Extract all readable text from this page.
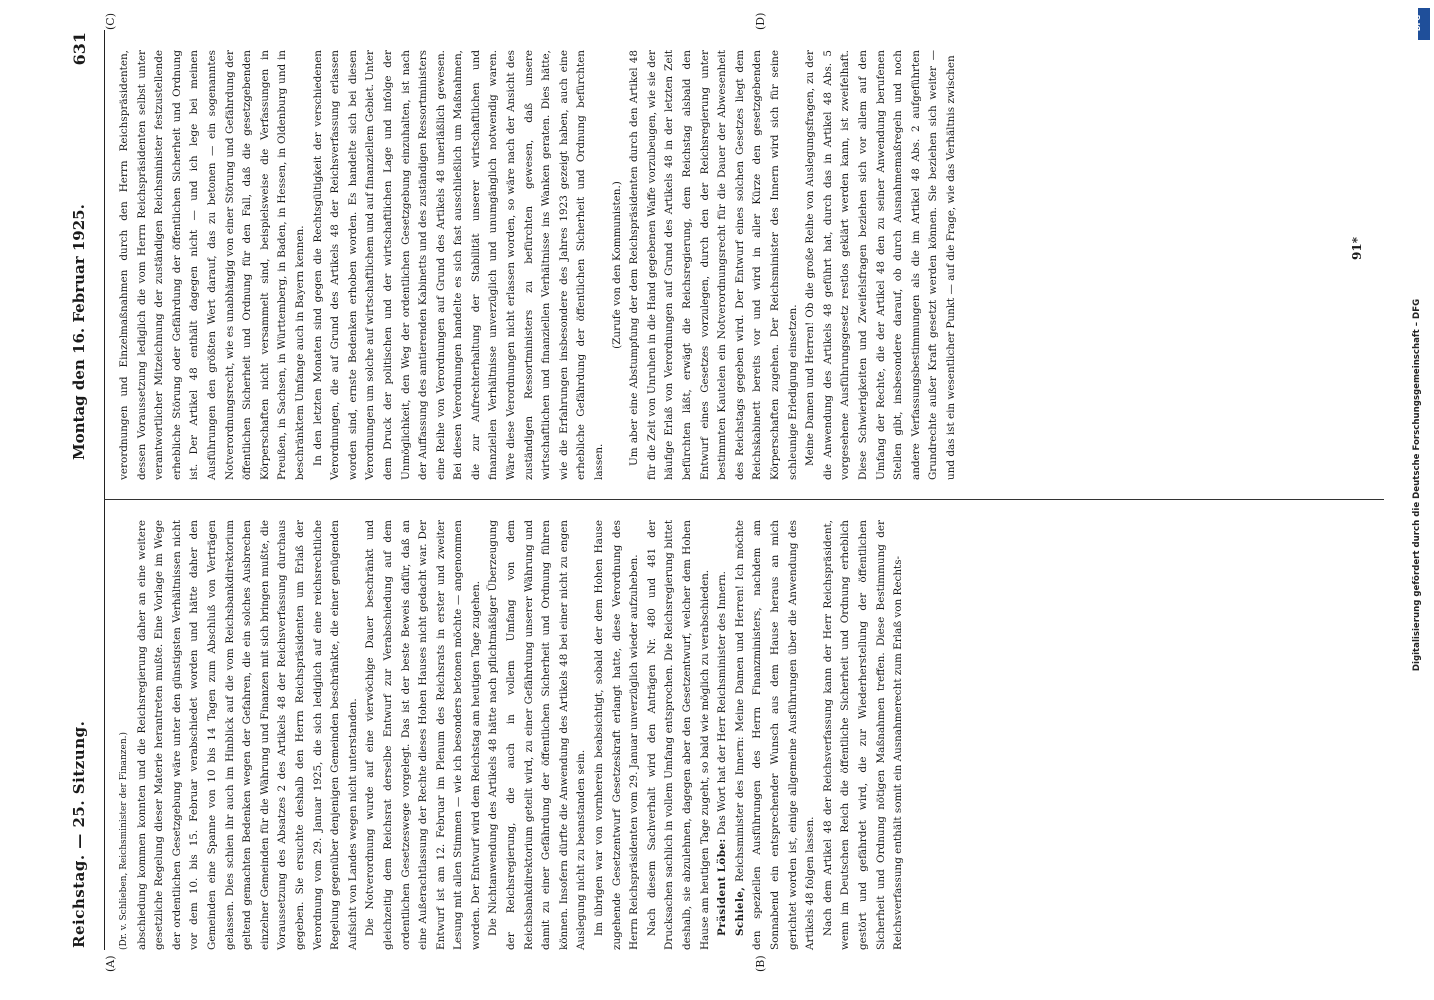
Reichstag. — 25. Sitzung.
Montag den 16. Februar 1925.
631

(Dr. v. Schlieben, Reichsminister der Finanzen.) abschiedung kommen konnten und die Reichsregierung daher an eine weitere gesetzliche Regelung dieser Materie herantreten mußte. Eine Vorlage im Wege der ordentlichen Gesetzgebung wäre unter den günstigsten Verhältnissen nicht vor dem 10. bis 15. Februar verabschiedet worden und hätte daher den Gemeinden eine Spanne von 10 bis 14 Tagen zum Abschluß von Verträgen gelassen. Dies schien ihr auch im Hinblick auf die vom Reichsbankdirektorium geltend gemachten Bedenken wegen der Gefahren, die ein solches Ausbrechen einzelner Gemeinden für die Währung und Finanzen mit sich bringen mußte, die Voraussetzung des Absatzes 2 des Artikels 48 der Reichsverfassung durchaus gegeben. Sie ersuchte deshalb den Herrn Reichspräsidenten um Erlaß der Verordnung vom 29. Januar 1925, die sich lediglich auf eine reichsrechtliche Regelung gegenüber denjenigen Gemeinden beschränkte, die einer genügenden Aufsicht von Landes wegen nicht unterstanden. Die Notverordnung wurde auf eine vierwöchige Dauer beschränkt und gleichzeitig dem Reichsrat derselbe Entwurf zur Verabschiedung auf dem ordentlichen Gesetzeswege vorgelegt. Das ist der beste Beweis dafür, daß an eine Außerachtlassung der Rechte dieses Hohen Hauses nicht gedacht war. Der Entwurf ist am 12. Februar im Plenum des Reichsrats in erster und zweiter Lesung mit allen Stimmen — wie ich besonders betonen möchte — angenommen worden. Der Entwurf wird dem Reichstag am heutigen Tage zugehen. Die Nichtanwendung des Artikels 48 hätte nach pflichtmäßiger Überzeugung der Reichsregierung, die auch in vollem Umfang von dem Reichsbankdirektorium geteilt wird, zu einer Gefährdung unserer Währung und damit zu einer Gefährdung der öffentlichen Sicherheit und Ordnung führen können. Insofern dürfte die Anwendung des Artikels 48 bei einer nicht zu engen Auslegung nicht zu beanstanden sein. Im übrigen war von vornherein beabsichtigt, sobald der dem Hohen Hause zugehende Gesetzentwurf Gesetzeskraft erlangt hatte, diese Verordnung des Herrn Reichspräsidenten vom 29. Januar unverzüglich wieder aufzuheben. Nach diesem Sachverhalt wird den Anträgen Nr. 480 und 481 der Drucksachen sachlich in vollem Umfang entsprochen. Die Reichsregierung bittet deshalb, sie abzulehnen, dagegen aber den Gesetzentwurf, welcher dem Hohen Hause am heutigen Tage zugeht, so bald wie möglich zu verabschieden. Präsident Löbe: Das Wort hat der Herr Reichsminister des Innern.

Schiele, Reichsminister des Innern: Meine Damen und Herren! Ich möchte den speziellen Ausführungen des Herrn Finanzministers, nachdem am Sonnabend ein entsprechender Wunsch aus dem Hause heraus an mich gerichtet worden ist, einige allgemeine Ausführungen über die Anwendung des Artikels 48 folgen lassen. Nach dem Artikel 48 der Reichsverfassung kann der Herr Reichspräsident, wenn im Deutschen Reich die öffentliche Sicherheit und Ordnung erheblich gestört und gefährdet wird, die zur Wiederherstellung der öffentlichen Sicherheit und Ordnung nötigen Maßnahmen treffen. Diese Bestimmung der Reichsverfassung enthält somit ein Ausnahmerecht zum Erlaß von Rechts-

verordnungen und Einzelmaßnahmen durch den Herrn Reichspräsidenten, dessen Voraussetzung lediglich die vom Herrn Reichspräsidenten selbst unter verantwortlicher Mitzeichnung der zuständigen Reichsminister festzustellende erhebliche Störung oder Gefährdung der öffentlichen Sicherheit und Ordnung ist. Der Artikel 48 enthält dagegen nicht — und ich lege bei meinen Ausführungen den größten Wert darauf, das zu betonen — ein sogenanntes Notverordnungsrecht, wie es unabhängig von einer Störung und Gefährdung der öffentlichen Sicherheit und Ordnung für den Fall, daß die gesetzgebenden Körperschaften nicht versammelt sind, beispielsweise die Verfassungen in Preußen, in Sachsen, in Württemberg, in Baden, in Hessen, in Oldenburg und in beschränktem Umfange auch in Bayern kennen. In den letzten Monaten sind gegen die Rechtsgültigkeit der verschiedenen Verordnungen, die auf Grund des Artikels 48 der Reichsverfassung erlassen worden sind, ernste Bedenken erhoben worden. Es handelte sich bei diesen Verordnungen um solche auf wirtschaftlichem und auf finanziellem Gebiet. Unter dem Druck der politischen und der wirtschaftlichen Lage und infolge der Unmöglichkeit, den Weg der ordentlichen Gesetzgebung einzuhalten, ist nach der Auffassung des amtierenden Kabinetts und des zuständigen Ressortministers eine Reihe von Verordnungen auf Grund des Artikels 48 unerläßlich gewesen. Bei diesen Verordnungen handelte es sich fast ausschließlich um Maßnahmen, die zur Aufrechterhaltung der Stabilität unserer wirtschaftlichen und finanziellen Verhältnisse unverzüglich und unumgänglich notwendig waren. Wäre diese Verordnungen nicht erlassen worden, so wäre nach der Ansicht des zuständigen Ressortministers zu befürchten gewesen, daß unsere wirtschaftlichen und finanziellen Verhältnisse ins Wanken geraten. Dies hätte, wie die Erfahrungen insbesondere des Jahres 1923 gezeigt haben, auch eine erhebliche Gefährdung der öffentlichen Sicherheit und Ordnung befürchten lassen.

(Zurufe von den Kommunisten.) Um aber eine Abstumpfung der dem Reichspräsidenten durch den Artikel 48 für die Zeit von Unruhen in die Hand gegebenen Waffe vorzubeugen, wie sie der häufige Erlaß von Verordnungen auf Grund des Artikels 48 in der letzten Zeit befürchten läßt, erwägt die Reichsregierung, dem Reichstag alsbald den Entwurf eines Gesetzes vorzulegen, durch den der Reichsregierung unter bestimmten Kautelen ein Notverordnungsrecht für die Dauer der Abwesenheit des Reichstags gegeben wird. Der Entwurf eines solchen Gesetzes liegt dem Reichskabinett bereits vor und wird in aller Kürze den gesetzgebenden Körperschaften zugehen. Der Reichsminister des Innern wird sich für seine schleunige Erledigung einsetzen. Meine Damen und Herren! Ob die große Reihe von Auslegungsfragen, zu der die Anwendung des Artikels 48 geführt hat, durch das in Artikel 48 Abs. 5 vorgesehene Ausführungsgesetz restlos geklärt werden kann, ist zweifelhaft. Diese Schwierigkeiten und Zweifelsfragen beziehen sich vor allem auf den Umfang der Rechte, die der Artikel 48 den zu seiner Anwendung berufenen Stellen gibt, insbesondere darauf, ob durch Ausnahmemaßregeln und noch andere Verfassungsbestimmungen als die im Artikel 48 Abs. 2 aufgeführten Grundrechte außer Kraft gesetzt werden können. Sie beziehen sich weiter — und das ist ein wesentlicher Punkt — auf die Frage, wie das Verhältnis zwischen

(A)	(B)
(C)	(D)
91*
Digitalisierung gefördert durch die Deutsche Forschungsgemeinschaft – DFG
DFG
